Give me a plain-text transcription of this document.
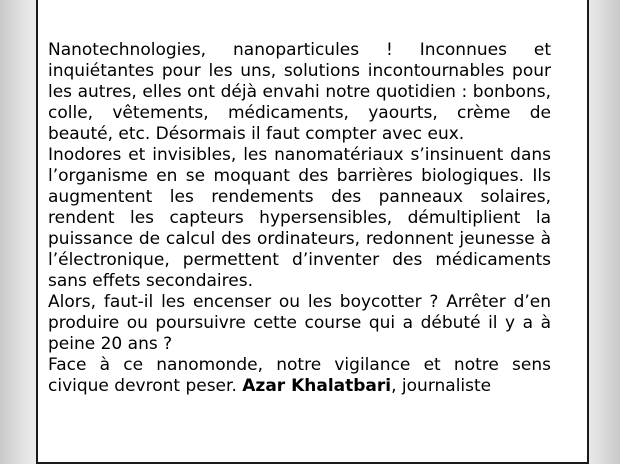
Nanotechnologies, nanoparticules ! Inconnues et inquiétantes pour les uns, solutions incontournables pour les autres, elles ont déjà envahi notre quotidien : bonbons, colle, vêtements, médicaments, yaourts, crème de beauté, etc. Désormais il faut compter avec eux.

Inodores et invisibles, les nanomatériaux s’insinuent dans l’organisme en se moquant des barrières biologiques. Ils augmentent les rendements des panneaux solaires, rendent les capteurs hypersensibles, démultiplient la puissance de calcul des ordinateurs, redonnent jeunesse à l’électronique, permettent d’inventer des médicaments sans effets secondaires.

Alors, faut-il les encenser ou les boycotter ? Arrêter d’en produire ou poursuivre cette course qui a débuté il y a à peine 20 ans ?

Face à ce nanomonde, notre vigilance et notre sens civique devront peser. Azar Khalatbari, journaliste
